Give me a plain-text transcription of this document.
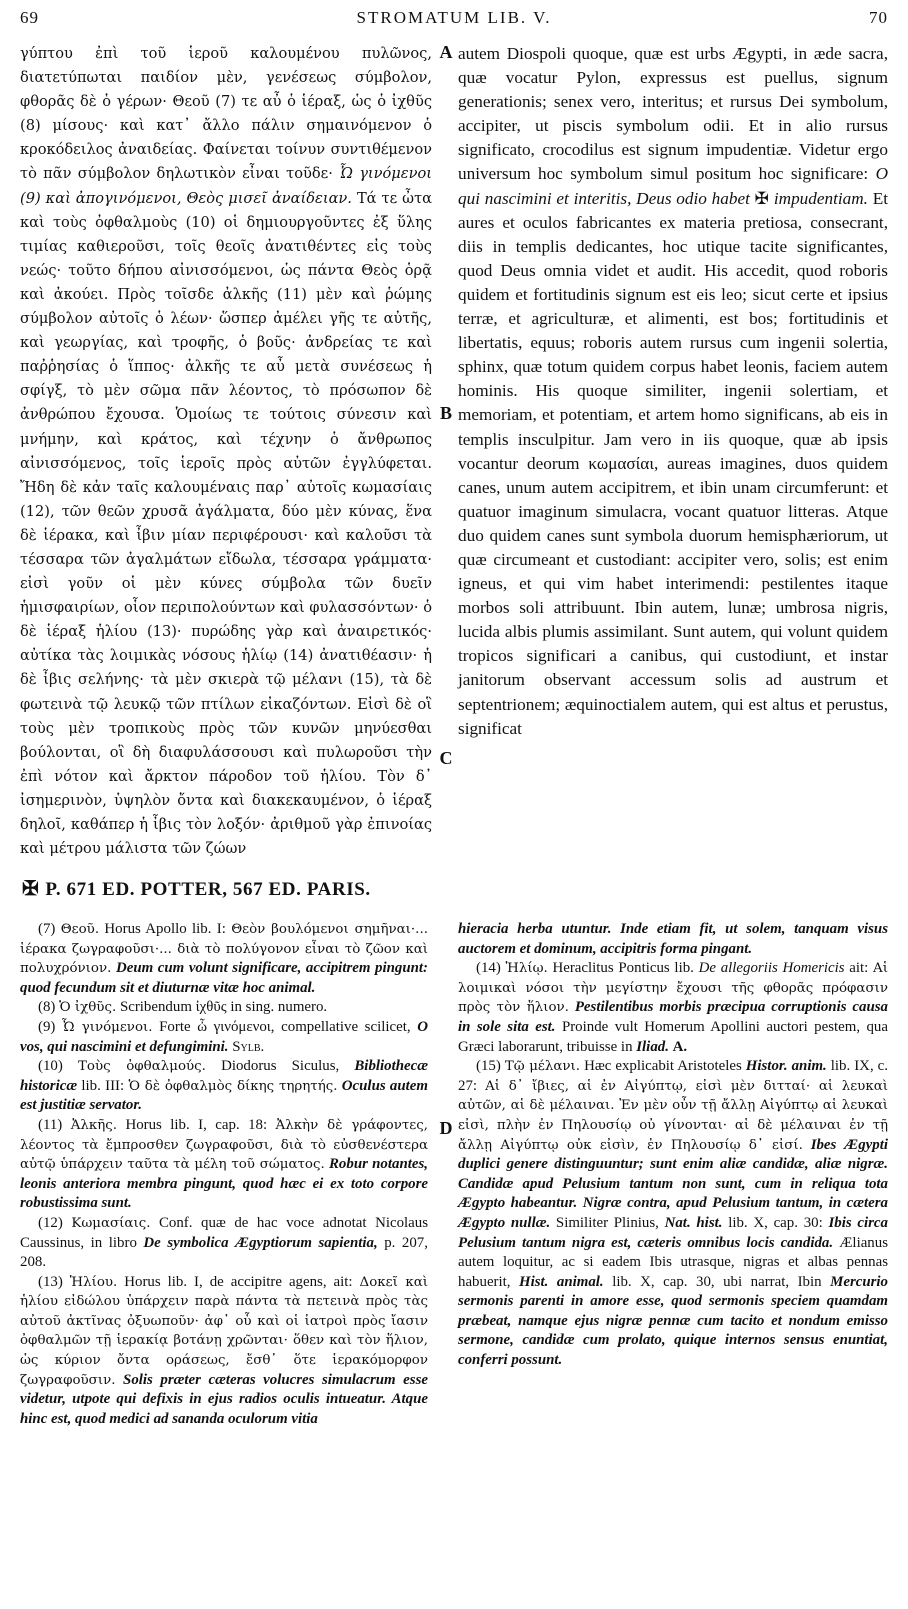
69	STROMATUM LIB. V.	70

γύπτου ἐπὶ τοῦ ἱεροῦ καλουμένου πυλῶνος, διατετύπωται παιδίον μὲν, γενέσεως σύμβολον, φθορᾶς δὲ ὁ γέρων· Θεοῦ (7) τε αὖ ὁ ἱέραξ, ὡς ὁ ἰχθῦς (8) μίσους· καὶ κατ᾽ ἄλλο πάλιν σημαινόμενον ὁ κροκόδειλος ἀναιδείας. Φαίνεται τοίνυν συντιθέμενον τὸ πᾶν σύμβολον δηλωτικὸν εἶναι τοῦδε· Ὦ γινόμενοι (9) καὶ ἀπογινόμενοι, Θεὸς μισεῖ ἀναίδειαν. Τά τε ὦτα καὶ τοὺς ὀφθαλμοὺς (10) οἱ δημιουργοῦντες ἐξ ὕλης τιμίας καθιεροῦσι, τοῖς θεοῖς ἀνατιθέντες εἰς τοὺς νεώς· τοῦτο δήπου αἰνισσόμενοι, ὡς πάντα Θεὸς ὁρᾷ καὶ ἀκούει. Πρὸς τοῖσδε ἀλκῆς (11) μὲν καὶ ῥώμης σύμβολον αὐτοῖς ὁ λέων· ὥσπερ ἀμέλει γῆς τε αὐτῆς, καὶ γεωργίας, καὶ τροφῆς, ὁ βοῦς· ἀνδρείας τε καὶ παῤῥησίας ὁ ἵππος· ἀλκῆς τε αὖ μετὰ συνέσεως ἡ σφίγξ, τὸ μὲν σῶμα πᾶν λέοντος, τὸ πρόσωπον δὲ ἀνθρώπου ἔχουσα. Ὁμοίως τε τούτοις σύνεσιν καὶ μνήμην, καὶ κράτος, καὶ τέχνην ὁ ἄνθρωπος αἰνισσόμενος, τοῖς ἱεροῖς πρὸς αὐτῶν ἐγγλύφεται. Ἤδη δὲ κἀν ταῖς καλουμέναις παρ᾽ αὐτοῖς κωμασίαις (12), τῶν θεῶν χρυσᾶ ἀγάλματα, δύο μὲν κύνας, ἕνα δὲ ἱέρακα, καὶ ἶβιν μίαν περιφέρουσι· καὶ καλοῦσι τὰ τέσσαρα τῶν ἀγαλμάτων εἴδωλα, τέσσαρα γράμματα· εἰσὶ γοῦν οἱ μὲν κύνες σύμβολα τῶν δυεῖν ἡμισφαιρίων, οἷον περιπολούντων καὶ φυλασσόντων· ὁ δὲ ἱέραξ ἡλίου (13)· πυρώδης γὰρ καὶ ἀναιρετικός· αὐτίκα τὰς λοιμικὰς νόσους ἡλίῳ (14) ἀνατιθέασιν· ἡ δὲ ἶβις σελήνης· τὰ μὲν σκιερὰ τῷ μέλανι (15), τὰ δὲ φωτεινὰ τῷ λευκῷ τῶν πτίλων εἰκαζόντων. Εἰσὶ δὲ οἳ τοὺς μὲν τροπικοὺς πρὸς τῶν κυνῶν μηνύεσθαι βούλονται, οἳ δὴ διαφυλάσσουσι καὶ πυλωροῦσι τὴν ἐπὶ νότον καὶ ἄρκτον πάροδον τοῦ ἡλίου. Τὸν δ᾽ ἰσημερινὸν, ὑψηλὸν ὄντα καὶ διακεκαυμένον, ὁ ἱέραξ δηλοῖ, καθάπερ ἡ ἶβις τὸν λοξόν· ἀριθμοῦ γὰρ ἐπινοίας καὶ μέτρου μάλιστα τῶν ζώων

A
B
C

autem Diospoli quoque, quæ est urbs Ægypti, in æde sacra, quæ vocatur Pylon, expressus est puellus, signum generationis; senex vero, interitus; et rursus Dei symbolum, accipiter, ut piscis symbolum odii. Et in alio rursus significato, crocodilus est signum impudentiæ. Videtur ergo universum hoc symbolum simul positum hoc significare: O qui nascimini et interitis, Deus odio habet ✠ impudentiam. Et aures et oculos fabricantes ex materia pretiosa, consecrant, diis in templis dedicantes, hoc utique tacite significantes, quod Deus omnia videt et audit. His accedit, quod roboris quidem et fortitudinis signum est eis leo; sicut certe et ipsius terræ, et agriculturæ, et alimenti, est bos; fortitudinis et libertatis, equus; roboris autem rursus cum ingenii solertia, sphinx, quæ totum quidem corpus habet leonis, faciem autem hominis. His quoque similiter, ingenii solertiam, et memoriam, et potentiam, et artem homo significans, ab eis in templis insculpitur. Jam vero in iis quoque, quæ ab ipsis vocantur deorum κωμασίαι, aureas imagines, duos quidem canes, unum autem accipitrem, et ibin unam circumferunt: et quatuor imaginum simulacra, vocant quatuor litteras. Atque duo quidem canes sunt symbola duorum hemisphæriorum, ut quæ circumeant et custodiant: accipiter vero, solis; est enim igneus, et qui vim habet interimendi: pestilentes itaque morbos soli attribuunt. Ibin autem, lunæ; umbrosa nigris, lucida albis plumis assimilant. Sunt autem, qui volunt quidem tropicos significari a canibus, qui custodiunt, et instar janitorum observant accessum solis ad austrum et septentrionem; æquinoctialem autem, qui est altus et perustus, significat

✠ P. 671 ED. POTTER, 567 ED. PARIS.

(7) Θεοῦ. Horus Apollo lib. I: Θεὸν βουλόμενοι σημῆναι·... ἱέρακα ζωγραφοῦσι·... διὰ τὸ πολύγονον εἶναι τὸ ζῶον καὶ πολυχρόνιον. Deum cum volunt significare, accipitrem pingunt: quod fecundum sit et diuturnæ vitæ hoc animal.

(8) Ὁ ἰχθῦς. Scribendum ἰχθῦς in sing. numero.

(9) Ὦ γινόμενοι. Forte ὦ γινόμενοι, compellative scilicet, O vos, qui nascimini et defungimini. Sylb.

(10) Τοὺς ὀφθαλμούς. Diodorus Siculus, Bibliothecæ historicæ lib. III: Ὁ δὲ ὀφθαλμὸς δίκης τηρητής. Oculus autem est justitiæ servator.

(11) Ἀλκῆς. Horus lib. I, cap. 18: Ἀλκὴν δὲ γράφοντες, λέοντος τὰ ἔμπροσθεν ζωγραφοῦσι, διὰ τὸ εὐσθενέστερα αὐτῷ ὑπάρχειν ταῦτα τὰ μέλη τοῦ σώματος. Robur notantes, leonis anteriora membra pingunt, quod hæc ei ex toto corpore robustissima sunt.

(12) Κωμασίαις. Conf. quæ de hac voce adnotat Nicolaus Caussinus, in libro De symbolica Ægyptiorum sapientia, p. 207, 208.

(13) Ἡλίου. Horus lib. I, de accipitre agens, ait: Δοκεῖ καὶ ἡλίου εἰδώλου ὑπάρχειν παρὰ πάντα τὰ πετεινὰ πρὸς τὰς αὐτοῦ ἀκτῖνας ὀξυωποῦν· ἀφ᾽ οὗ καὶ οἱ ἰατροὶ πρὸς ἴασιν ὀφθαλμῶν τῇ ἱερακίᾳ βοτάνῃ χρῶνται· ὅθεν καὶ τὸν ἥλιον, ὡς κύριον ὄντα οράσεως, ἔσθ᾽ ὅτε ἱερακόμορφον ζωγραφοῦσιν. Solis præter cæteras volucres simulacrum esse videtur, utpote qui defixis in ejus radios oculis intueatur. Atque hinc est, quod medici ad sananda oculorum vitia

D

hieracia herba utuntur. Inde etiam fit, ut solem, tanquam visus auctorem et dominum, accipitris forma pingant.

(14) Ἡλίῳ. Heraclitus Ponticus lib. De allegoriis Homericis ait: Αἱ λοιμικαὶ νόσοι τὴν μεγίστην ἔχουσι τῆς φθορᾶς πρόφασιν πρὸς τὸν ἥλιον. Pestilentibus morbis præcipua corruptionis causa in sole sita est. Proinde vult Homerum Apollini auctori pestem, qua Græci laborarunt, tribuisse in Iliad. A.

(15) Τῷ μέλανι. Hæc explicabit Aristoteles Histor. anim. lib. IX, c. 27: Αἱ δ᾽ ἴβιες, αἱ ἐν Αἰγύπτῳ, εἰσὶ μὲν διτταί· αἱ λευκαὶ αὐτῶν, αἱ δὲ μέλαιναι. Ἐν μὲν οὖν τῇ ἄλλῃ Αἰγύπτῳ αἱ λευκαὶ εἰσὶ, πλὴν ἐν Πηλουσίῳ οὐ γίνονται· αἱ δὲ μέλαιναι ἐν τῇ ἄλλῃ Αἰγύπτῳ οὐκ εἰσὶν, ἐν Πηλουσίῳ δ᾽ εἰσί. Ibes Ægypti duplici genere distinguuntur; sunt enim aliæ candidæ, aliæ nigræ. Candidæ apud Pelusium tantum non sunt, cum in reliqua tota Ægypto habeantur. Nigræ contra, apud Pelusium tantum, in cætera Ægypto nullæ. Similiter Plinius, Nat. hist. lib. X, cap. 30: Ibis circa Pelusium tantum nigra est, cæteris omnibus locis candida. Ælianus autem loquitur, ac si eadem Ibis utrasque, nigras et albas pennas habuerit, Hist. animal. lib. X, cap. 30, ubi narrat, Ibin Mercurio sermonis parenti in amore esse, quod sermonis speciem quamdam præbeat, namque ejus nigræ pennæ cum tacito et nondum emisso sermone, candidæ cum prolato, quique internos sensus enuntiat, conferri possunt.
